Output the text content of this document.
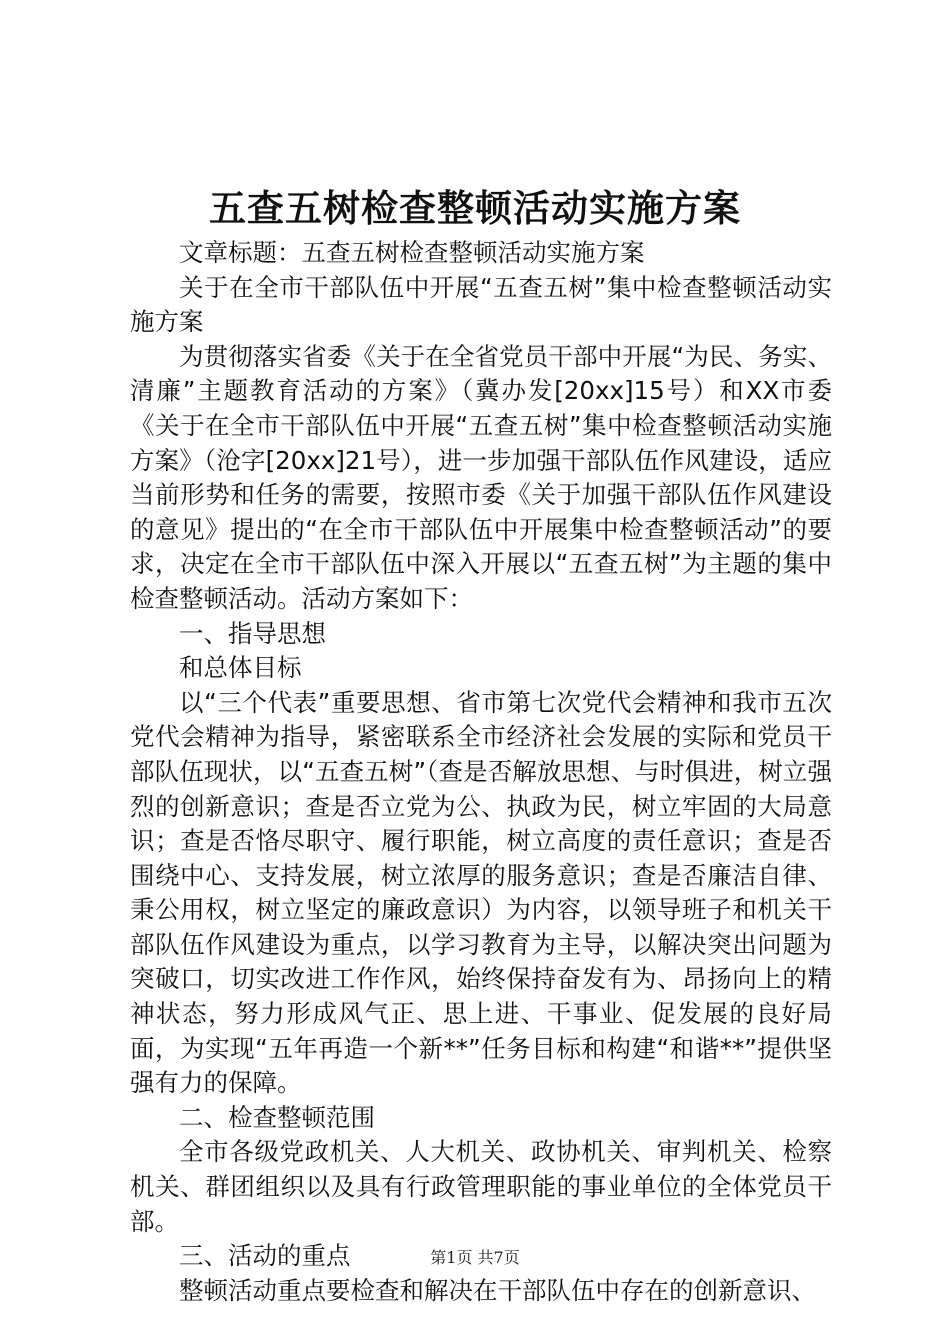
五查五树检查整顿活动实施方案

文章标题：五查五树检查整顿活动实施方案

关于在全市干部队伍中开展“五查五树”集中检查整顿活动实施方案

为贯彻落实省委《关于在全省党员干部中开展“为民、务实、清廉”主题教育活动的方案》（冀办发[20xx]15号）和XX市委《关于在全市干部队伍中开展“五查五树”集中检查整顿活动实施方案》（沧字[20xx]21号），进一步加强干部队伍作风建设，适应当前形势和任务的需要，按照市委《关于加强干部队伍作风建设的意见》提出的“在全市干部队伍中开展集中检查整顿活动”的要求，决定在全市干部队伍中深入开展以“五查五树”为主题的集中检查整顿活动。活动方案如下：

一、指导思想

和总体目标

以“三个代表”重要思想、省市第七次党代会精神和我市五次党代会精神为指导，紧密联系全市经济社会发展的实际和党员干部队伍现状，以“五查五树”（查是否解放思想、与时俱进，树立强烈的创新意识；查是否立党为公、执政为民，树立牢固的大局意识；查是否恪尽职守、履行职能，树立高度的责任意识；查是否围绕中心、支持发展，树立浓厚的服务意识；查是否廉洁自律、秉公用权，树立坚定的廉政意识）为内容，以领导班子和机关干部队伍作风建设为重点，以学习教育为主导，以解决突出问题为突破口，切实改进工作作风，始终保持奋发有为、昂扬向上的精神状态，努力形成风气正、思上进、干事业、促发展的良好局面，为实现“五年再造一个新**”任务目标和构建“和谐**”提供坚强有力的保障。

二、检查整顿范围

全市各级党政机关、人大机关、政协机关、审判机关、检察机关、群团组织以及具有行政管理职能的事业单位的全体党员干部。

三、活动的重点

整顿活动重点要检查和解决在干部队伍中存在的创新意识、

第1页 共7页
